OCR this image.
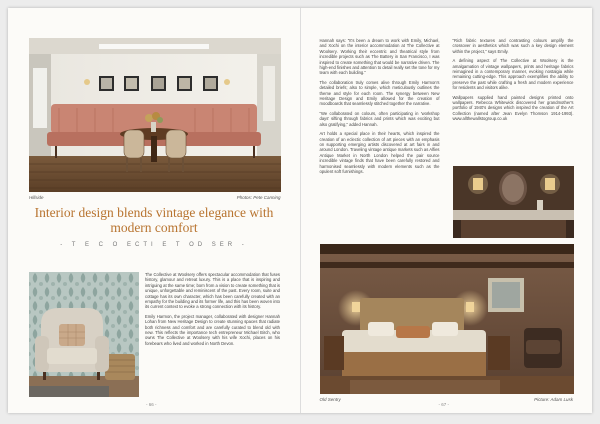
Hillside	Photos: Pete Canning
Interior design blends vintage elegance with modern comfort
- T E C O ECTI E T OD SER -

The Collective at Woolsery offers spectacular accommodation that fuses history, glamour and retreat luxury. This is a place that is inspiring and intriguing at the same time; born from a vision to create something that is unique, unforgettable and reminiscent of the past. Every room, suite and cottage has its own character, which has been carefully created with an empathy for the building and its former life, and this has been woven into its current context to evoke a strong connection with its history.

Emily Harmon, the project manager, collaborated with designer Hannah Lohan from New Heritage Design to create stunning spaces that radiate both richness and comfort and are carefully curated to blend old with new. This reflects the importance tech entrepreneur Michael Birch, who owns The Collective at Woolsery with his wife Xochi, places on his forebears who lived and worked in North Devon.

- 66 -

Hannah says: "It's been a dream to work with Emily, Michael, and Xochi on the interior accommodation at The Collective at Woolsery. Working their eccentric and theatrical style from incredible projects such as The Battery in San Francisco, I was inspired to create something that would be narrative driven. The high-end finishes and attention to detail really set the tone for my team with each building."

The collaboration truly comes alive through Emily Harmon's detailed briefs; also to simple, which meticulously outlines the theme and style for each room. The synergy between New Heritage Design and Emily allowed for the creation of moodboards that seamlessly stitched together the narrative.

"We collaborated on colours, often participating in 'workshop days' sifting through fabrics and prints which was exciting but also gratifying," added Hannah.

Art holds a special place in their hearts, which inspired the creation of an eclectic collection of art pieces with an emphasis on supporting emerging artists discovered at art fairs in and around London. Traveling vintage antique markets such as Alfies Antique Market in North London helped the pair source incredible vintage finds that have been carefully restored and harmonised seamlessly with modern elements such as the opulent soft furnishings.

"Rich fabric textures and contrasting colours amplify the crossover in aesthetics which was such a key design element within the project," says Emily.

A defining aspect of The Collective at Woolsery is the amalgamation of vintage wallpapers, prints and heritage fabrics reimagined in a contemporary manner, evoking nostalgia while remaining cutting-edge. This approach exemplifies the ability to preserve the past while crafting a fresh and modern experience for residents and visitors alike.

Wallpapers supplied hand painted designs printed onto wallpapers. Rebecca Whitewick discovered her grandmother's portfolio of 1940's designs which inspired the creation of the Art Collection (named after Jean Evelyn Thomson 1914-1993). www.allthewallstogroup.co.uk

Old Sentry	Picture: Adam Lusk
- 67 -
